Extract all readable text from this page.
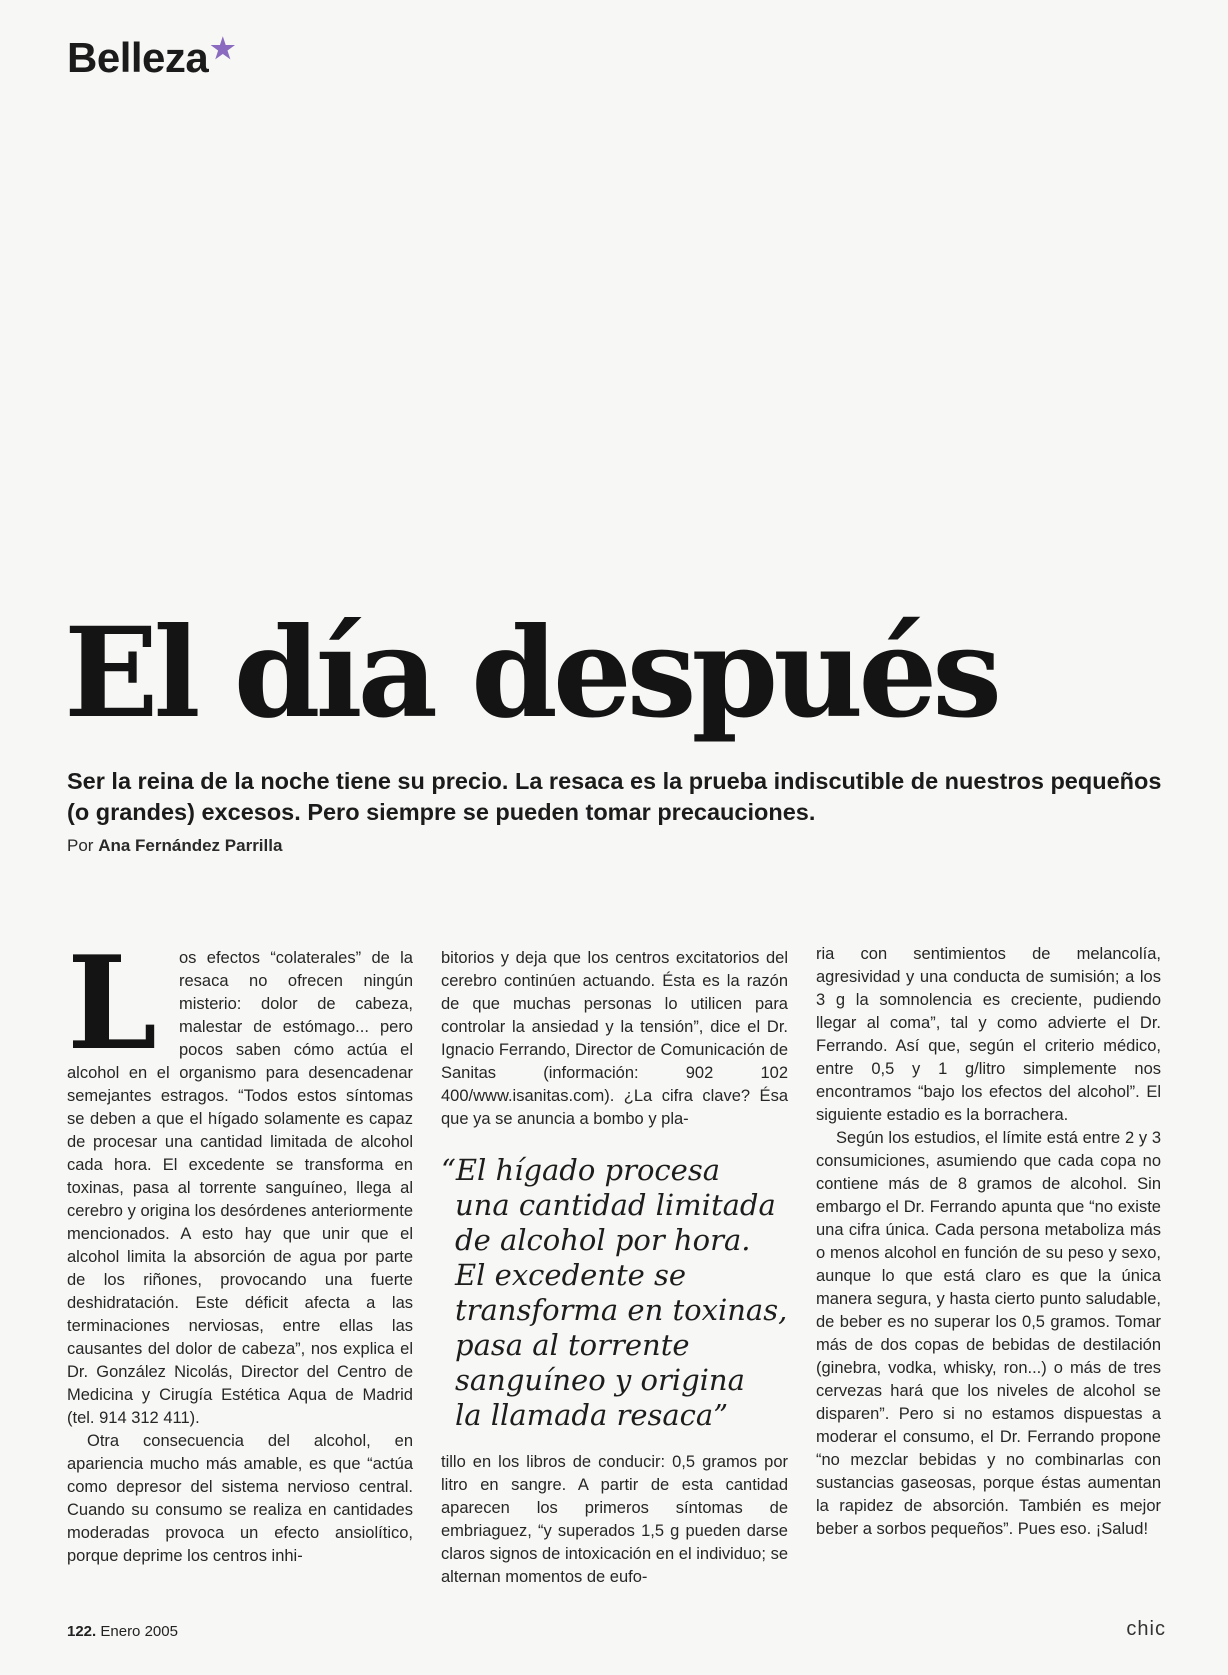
Belleza★
El día después
Ser la reina de la noche tiene su precio. La resaca es la prueba indiscutible de nuestros pequeños (o grandes) excesos. Pero siempre se pueden tomar precauciones.
Por Ana Fernández Parrilla

L	os efectos “colaterales” de la resaca no ofrecen ningún misterio: dolor de cabeza, malestar de estómago... pero pocos saben cómo actúa el alcohol en el organismo para desencadenar semejantes estragos. “Todos estos síntomas se deben a que el hígado solamente es capaz de procesar una cantidad limitada de alcohol cada hora. El excedente se transforma en toxinas, pasa al torrente sanguíneo, llega al cerebro y origina los desórdenes anteriormente mencionados. A esto hay que unir que el alcohol limita la absorción de agua por parte de los riñones, provocando una fuerte deshidratación. Este déficit afecta a las terminaciones nerviosas, entre ellas las causantes del dolor de cabeza”, nos explica el Dr. González Nicolás, Director del Centro de Medicina y Cirugía Estética Aqua de Madrid (tel. 914 312 411).

Otra consecuencia del alcohol, en apariencia mucho más amable, es que “actúa como depresor del sistema nervioso central. Cuando su consumo se realiza en cantidades moderadas provoca un efecto ansiolítico, porque deprime los centros inhi-

bitorios y deja que los centros excitatorios del cerebro continúen actuando. Ésta es la razón de que muchas personas lo utilicen para controlar la ansiedad y la tensión”, dice el Dr. Ignacio Ferrando, Director de Comunicación de Sanitas (información: 902 102 400/www.isanitas.com). ¿La cifra clave? Ésa que ya se anuncia a bombo y pla-

“El hígado procesa
una cantidad limitada
de alcohol por hora.
El excedente se
transforma en toxinas,
pasa al torrente
sanguíneo y origina
la llamada resaca”

tillo en los libros de conducir: 0,5 gramos por litro en sangre. A partir de esta cantidad aparecen los primeros síntomas de embriaguez, “y superados 1,5 g pueden darse claros signos de intoxicación en el individuo; se alternan momentos de eufo-

ria con sentimientos de melancolía, agresividad y una conducta de sumisión; a los 3 g la somnolencia es creciente, pudiendo llegar al coma”, tal y como advierte el Dr. Ferrando. Así que, según el criterio médico, entre 0,5 y 1 g/litro simplemente nos encontramos “bajo los efectos del alcohol”. El siguiente estadio es la borrachera.

Según los estudios, el límite está entre 2 y 3 consumiciones, asumiendo que cada copa no contiene más de 8 gramos de alcohol. Sin embargo el Dr. Ferrando apunta que “no existe una cifra única. Cada persona metaboliza más o menos alcohol en función de su peso y sexo, aunque lo que está claro es que la única manera segura, y hasta cierto punto saludable, de beber es no superar los 0,5 gramos. Tomar más de dos copas de bebidas de destilación (ginebra, vodka, whisky, ron...) o más de tres cervezas hará que los niveles de alcohol se disparen”. Pero si no estamos dispuestas a moderar el consumo, el Dr. Ferrando propone “no mezclar bebidas y no combinarlas con sustancias gaseosas, porque éstas aumentan la rapidez de absorción. También es mejor beber a sorbos pequeños”. Pues eso. ¡Salud!

122. Enero 2005	chic
